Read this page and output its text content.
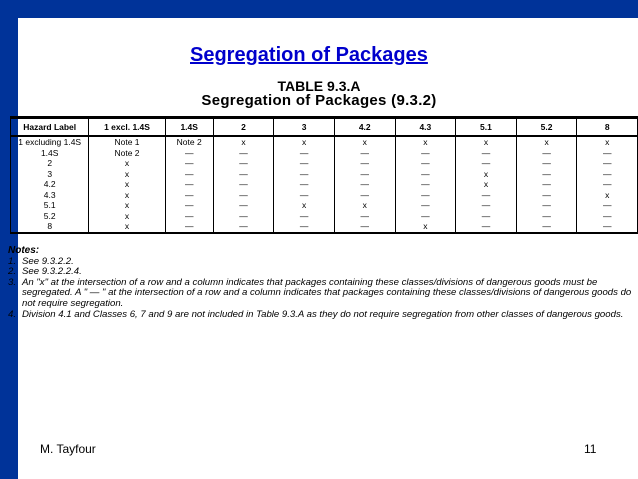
Segregation of Packages
TABLE 9.3.A
Segregation of Packages (9.3.2)
Hazard Label	1 excl. 1.4S	1.4S	2	3	4.2	4.3	5.1	5.2	8
1 excluding 1.4S	Note 1	Note 2	x	x	x	x	x	x	x
1.4S	Note 2	—	—	—	—	—	—	—	—
2	x	—	—	—	—	—	—	—	—
3	x	—	—	—	—	—	x	—	—
4.2	x	—	—	—	—	—	x	—	—
4.3	x	—	—	—	—	—	—	—	x
5.1	x	—	—	x	x	—	—	—	—
5.2	x	—	—	—	—	—	—	—	—
8	x	—	—	—	—	x	—	—	—
Notes:
1. See 9.3.2.2.
2. See 9.3.2.2.4.
3. An "x" at the intersection of a row and a column indicates that packages containing these classes/divisions of dangerous goods must be segregated. A " — " at the intersection of a row and a column indicates that packages containing these classes/divisions of dangerous goods do not require segregation.
4. Division 4.1 and Classes 6, 7 and 9 are not included in Table 9.3.A as they do not require segregation from other classes of dangerous goods.
M. Tayfour	11
